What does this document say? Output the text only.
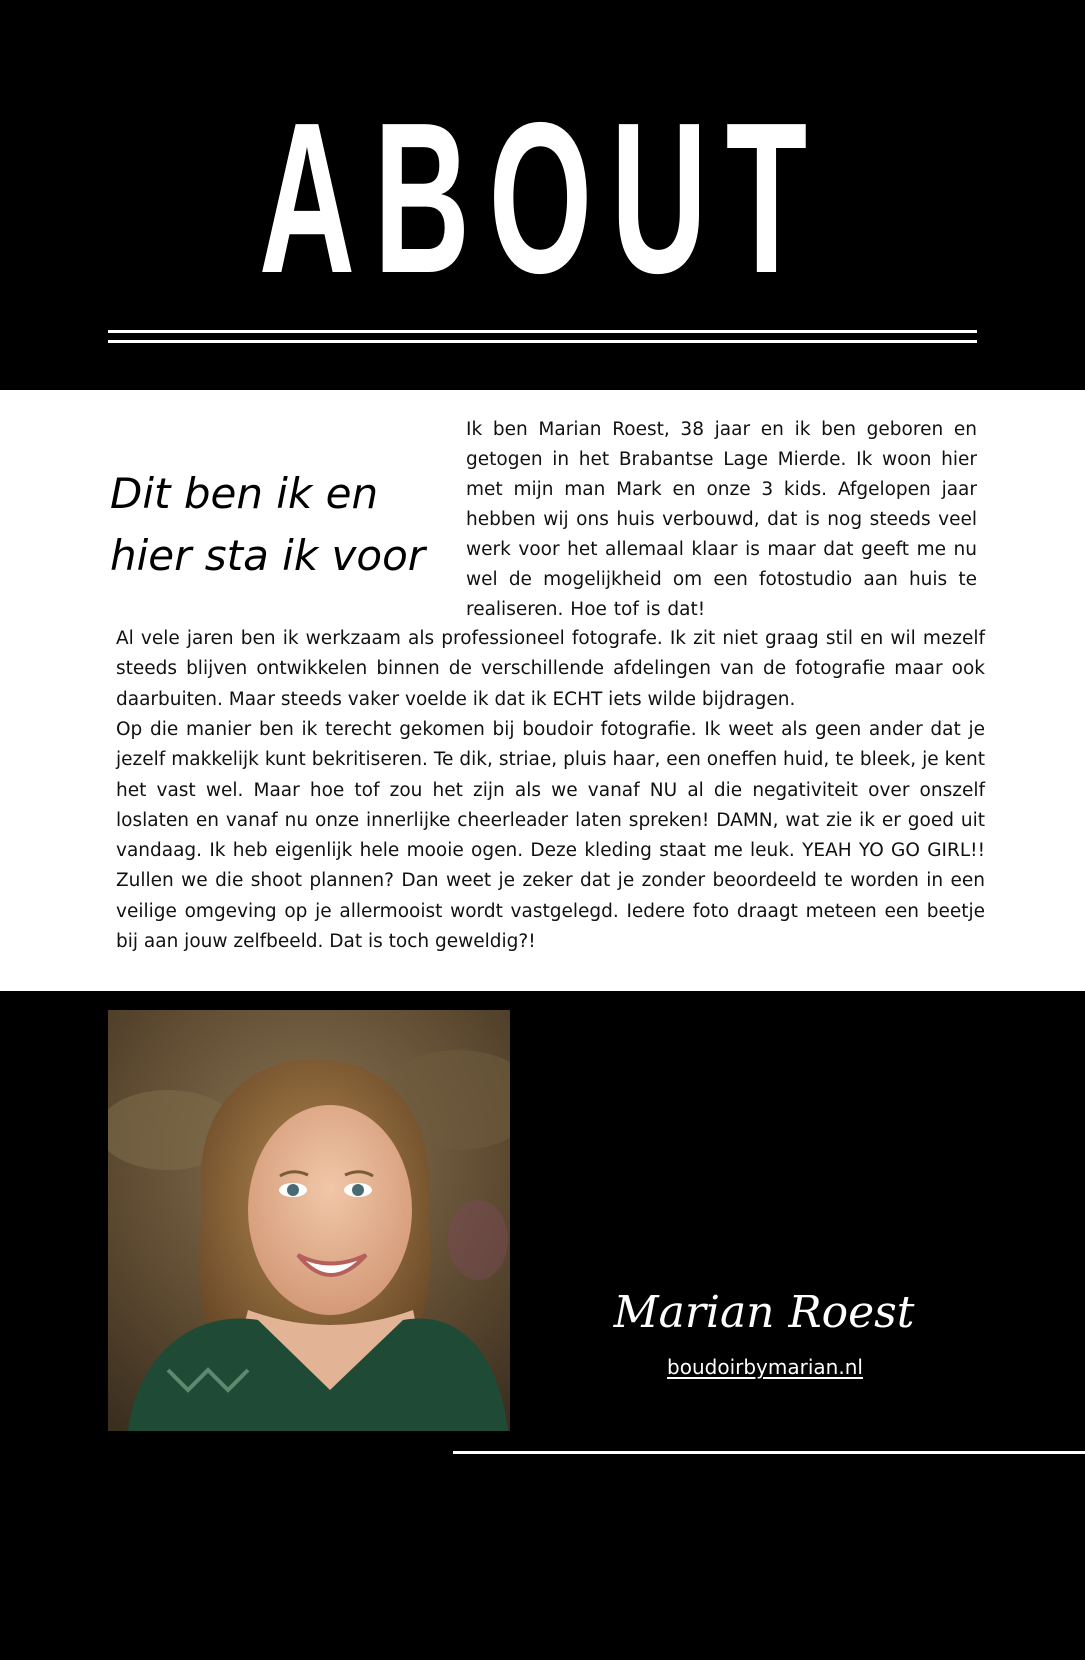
ABOUT
Dit ben ik en
hier sta ik voor
Ik ben Marian Roest, 38 jaar en ik ben geboren en getogen in het Brabantse Lage Mierde. Ik woon hier met mijn man Mark en onze 3 kids. Afgelopen jaar hebben wij ons huis verbouwd, dat is nog steeds veel werk voor het allemaal klaar is maar dat geeft me nu wel de mogelijkheid om een fotostudio aan huis te realiseren. Hoe tof is dat!
Al vele jaren ben ik werkzaam als professioneel fotografe. Ik zit niet graag stil en wil mezelf steeds blijven ontwikkelen binnen de verschillende afdelingen van de fotografie maar ook daarbuiten. Maar steeds vaker voelde ik dat ik ECHT iets wilde bijdragen.
Op die manier ben ik terecht gekomen bij boudoir fotografie. Ik weet als geen ander dat je jezelf makkelijk kunt bekritiseren. Te dik, striae, pluis haar, een oneffen huid, te bleek, je kent het vast wel. Maar hoe tof zou het zijn als we vanaf NU al die negativiteit over onszelf loslaten en vanaf nu onze innerlijke cheerleader laten spreken! DAMN, wat zie ik er goed uit vandaag. Ik heb eigenlijk hele mooie ogen. Deze kleding staat me leuk. YEAH YO GO GIRL!! Zullen we die shoot plannen? Dan weet je zeker dat je zonder beoordeeld te worden in een veilige omgeving op je allermooist wordt vastgelegd. Iedere foto draagt meteen een beetje bij aan jouw zelfbeeld. Dat is toch geweldig?!
Marian Roest
boudoirbymarian.nl
